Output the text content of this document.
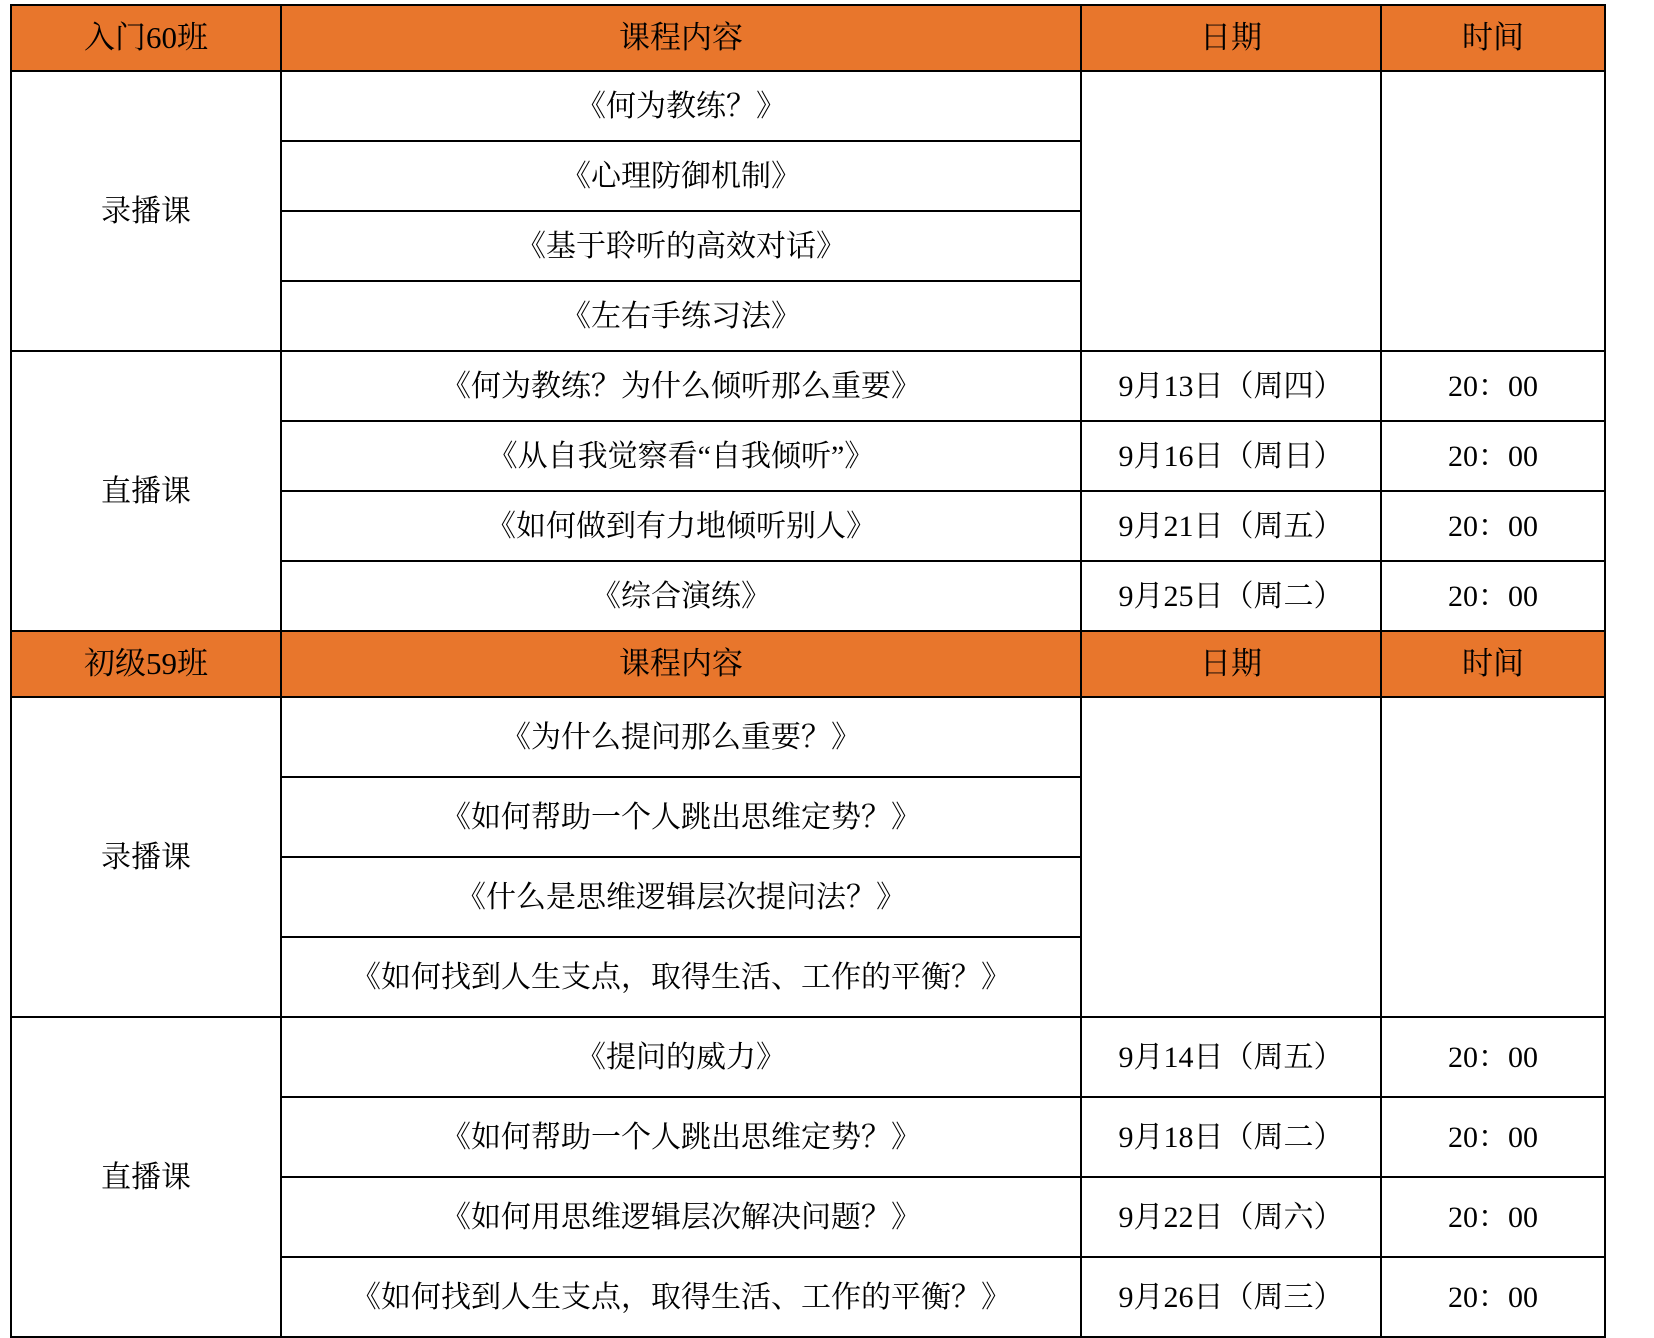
入门60班	课程内容	日期	时间
录播课	《何为教练？》		
	《心理防御机制》		
	《基于聆听的高效对话》		
	《左右手练习法》		
直播课	《何为教练？为什么倾听那么重要》	9月13日（周四）	20：00
	《从自我觉察看“自我倾听”》	9月16日（周日）	20：00
	《如何做到有力地倾听别人》	9月21日（周五）	20：00
	《综合演练》	9月25日（周二）	20：00
初级59班	课程内容	日期	时间
录播课	《为什么提问那么重要？》		
	《如何帮助一个人跳出思维定势？》		
	《什么是思维逻辑层次提问法？》		
	《如何找到人生支点，取得生活、工作的平衡？》		
直播课	《提问的威力》	9月14日（周五）	20：00
	《如何帮助一个人跳出思维定势？》	9月18日（周二）	20：00
	《如何用思维逻辑层次解决问题？》	9月22日（周六）	20：00
	《如何找到人生支点，取得生活、工作的平衡？》	9月26日（周三）	20：00
